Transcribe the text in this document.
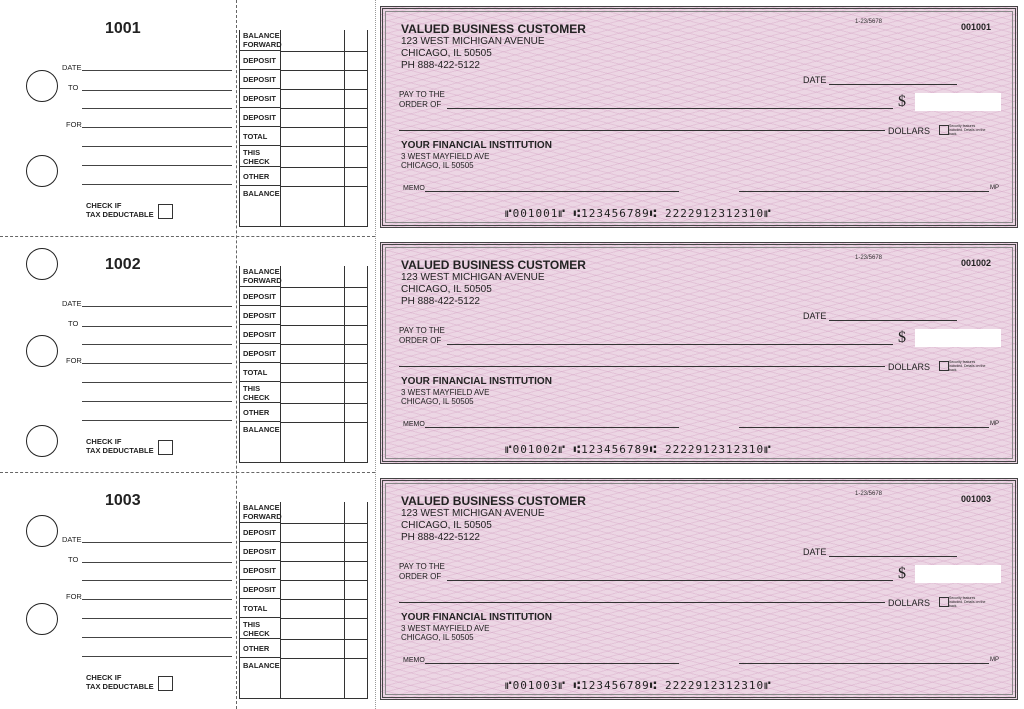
1001
DATE
TO
FOR
CHECK IF
TAX DEDUCTABLE
BALANCE
FORWARD
DEPOSIT
DEPOSIT
DEPOSIT
DEPOSIT
TOTAL
THIS
CHECK
OTHER
BALANCE
VALUED BUSINESS CUSTOMER
123 WEST MICHIGAN AVENUE
CHICAGO, IL 50505
PH 888-422-5122
1-23/5678	001001
DATE
PAY TO THE
ORDER OF	$
DOLLARS	Security features included. Details on the back.
YOUR FINANCIAL INSTITUTION
3 WEST MAYFIELD AVE
CHICAGO, IL 50505
MEMO	MP
⑈001001⑈ ⑆123456789⑆ 2222912312310⑈
1002
DATE
TO
FOR
CHECK IF
TAX DEDUCTABLE
BALANCE
FORWARD
DEPOSIT
DEPOSIT
DEPOSIT
DEPOSIT
TOTAL
THIS
CHECK
OTHER
BALANCE
VALUED BUSINESS CUSTOMER
123 WEST MICHIGAN AVENUE
CHICAGO, IL 50505
PH 888-422-5122
1-23/5678	001002
DATE
PAY TO THE
ORDER OF	$
DOLLARS	Security features included. Details on the back.
YOUR FINANCIAL INSTITUTION
3 WEST MAYFIELD AVE
CHICAGO, IL 50505
MEMO	MP
⑈001002⑈ ⑆123456789⑆ 2222912312310⑈
1003
DATE
TO
FOR
CHECK IF
TAX DEDUCTABLE
BALANCE
FORWARD
DEPOSIT
DEPOSIT
DEPOSIT
DEPOSIT
TOTAL
THIS
CHECK
OTHER
BALANCE
VALUED BUSINESS CUSTOMER
123 WEST MICHIGAN AVENUE
CHICAGO, IL 50505
PH 888-422-5122
1-23/5678	001003
DATE
PAY TO THE
ORDER OF	$
DOLLARS	Security features included. Details on the back.
YOUR FINANCIAL INSTITUTION
3 WEST MAYFIELD AVE
CHICAGO, IL 50505
MEMO	MP
⑈001003⑈ ⑆123456789⑆ 2222912312310⑈
